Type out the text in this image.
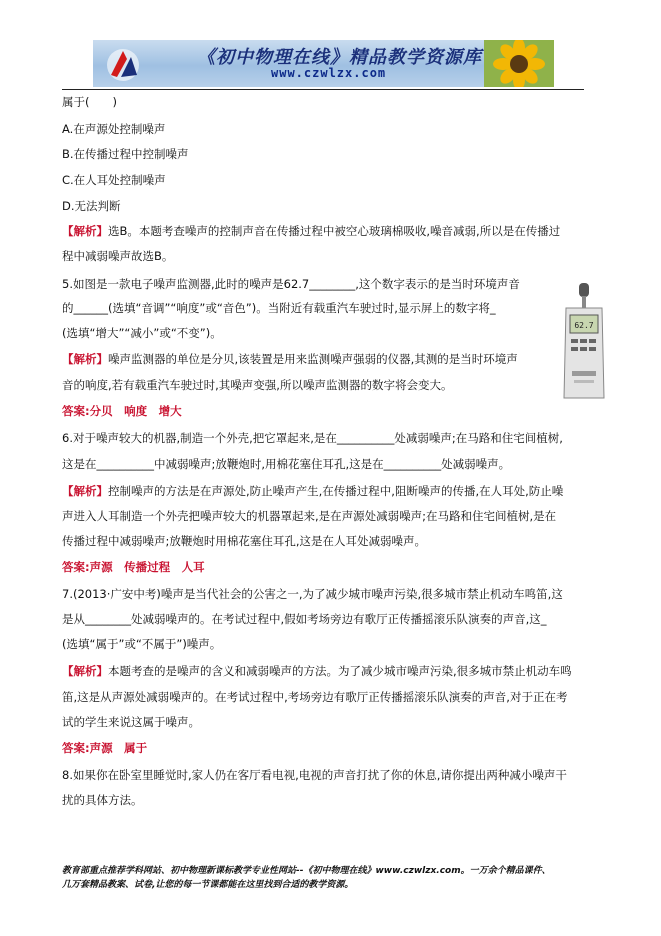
《初中物理在线》精品教学资源库
www.czwlzx.com
属于(　　)
A.在声源处控制噪声
B.在传播过程中控制噪声
C.在人耳处控制噪声
D.无法判断
【解析】选B。本题考查噪声的控制声音在传播过程中被空心玻璃棉吸收,噪音减弱,所以是在传播过
程中减弱噪声故选B。
5.如图是一款电子噪声监测器,此时的噪声是62.7________,这个数字表示的是当时环境声音
的______(选填“音调”“响度”或“音色”)。当附近有载重汽车驶过时,显示屏上的数字将_
(选填“增大”“减小”或“不变”)。
【解析】噪声监测器的单位是分贝,该装置是用来监测噪声强弱的仪器,其测的是当时环境声
音的响度,若有载重汽车驶过时,其噪声变强,所以噪声监测器的数字将会变大。
答案:分贝　响度　增大
62.7
6.对于噪声较大的机器,制造一个外壳,把它罩起来,是在__________处减弱噪声;在马路和住宅间植树,
这是在__________中减弱噪声;放鞭炮时,用棉花塞住耳孔,这是在__________处减弱噪声。
【解析】控制噪声的方法是在声源处,防止噪声产生,在传播过程中,阻断噪声的传播,在人耳处,防止噪
声进入人耳制造一个外壳把噪声较大的机器罩起来,是在声源处减弱噪声;在马路和住宅间植树,是在
传播过程中减弱噪声;放鞭炮时用棉花塞住耳孔,这是在人耳处减弱噪声。
答案:声源　传播过程　人耳
7.(2013·广安中考)噪声是当代社会的公害之一,为了减少城市噪声污染,很多城市禁止机动车鸣笛,这
是从________处减弱噪声的。在考试过程中,假如考场旁边有歌厅正传播摇滚乐队演奏的声音,这_
(选填“属于”或“不属于”)噪声。
【解析】本题考查的是噪声的含义和减弱噪声的方法。为了减少城市噪声污染,很多城市禁止机动车鸣
笛,这是从声源处减弱噪声的。在考试过程中,考场旁边有歌厅正传播摇滚乐队演奏的声音,对于正在考
试的学生来说这属于噪声。
答案:声源　属于
8.如果你在卧室里睡觉时,家人仍在客厅看电视,电视的声音打扰了你的休息,请你提出两种减小噪声干
扰的具体方法。
教育部重点推荐学科网站、初中物理新课标教学专业性网站--《初中物理在线》www.czwlzx.com。一万余个精品课件、
几万套精品教案、试卷,让您的每一节课都能在这里找到合适的教学资源。
